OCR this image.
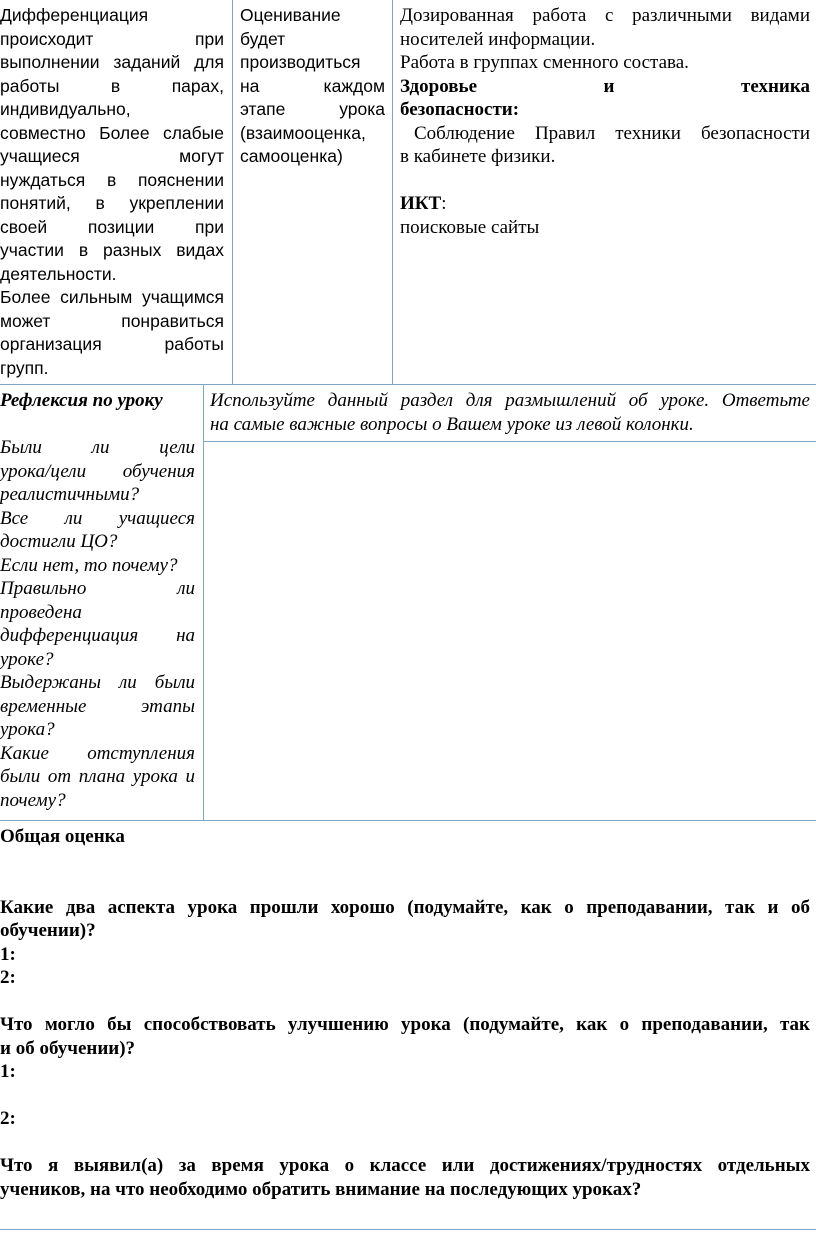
Дифференциация
происходит при
выполнении заданий для
работы в парах,
индивидуально,
совместно Более слабые
учащиеся могут
нуждаться в пояснении
понятий, в укреплении
своей позиции при
участии в разных видах
деятельности.
Более сильным учащимся
может понравиться
организация работы
групп.
Оценивание
будет
производиться
на каждом
этапе урока
(взаимооценка,
самооценка)
Дозированная работа с различными видами
носителей информации.
Работа в группах сменного состава.
Здоровье и техника
безопасности:
Соблюдение Правил техники безопасности
в кабинете физики.
ИКТ:
поисковые сайты
Рефлексия по уроку
Были ли цели
урока/цели обучения
реалистичными?
Все ли учащиеся
достигли ЦО?
Если нет, то почему?
Правильно ли
проведена
дифференциация на
уроке?
Выдержаны ли были
временные этапы
урока?
Какие отступления
были от плана урока и
почему?
Используйте данный раздел для размышлений об уроке. Ответьте
на самые важные вопросы о Вашем уроке из левой колонки.
Общая оценка
Какие два аспекта урока прошли хорошо (подумайте, как о преподавании, так и об
обучении)?
1:
2:
Что могло бы способствовать улучшению урока (подумайте, как о преподавании, так
и об обучении)?
1:
2:
Что я выявил(а) за время урока о классе или достижениях/трудностях отдельных
учеников, на что необходимо обратить внимание на последующих уроках?
